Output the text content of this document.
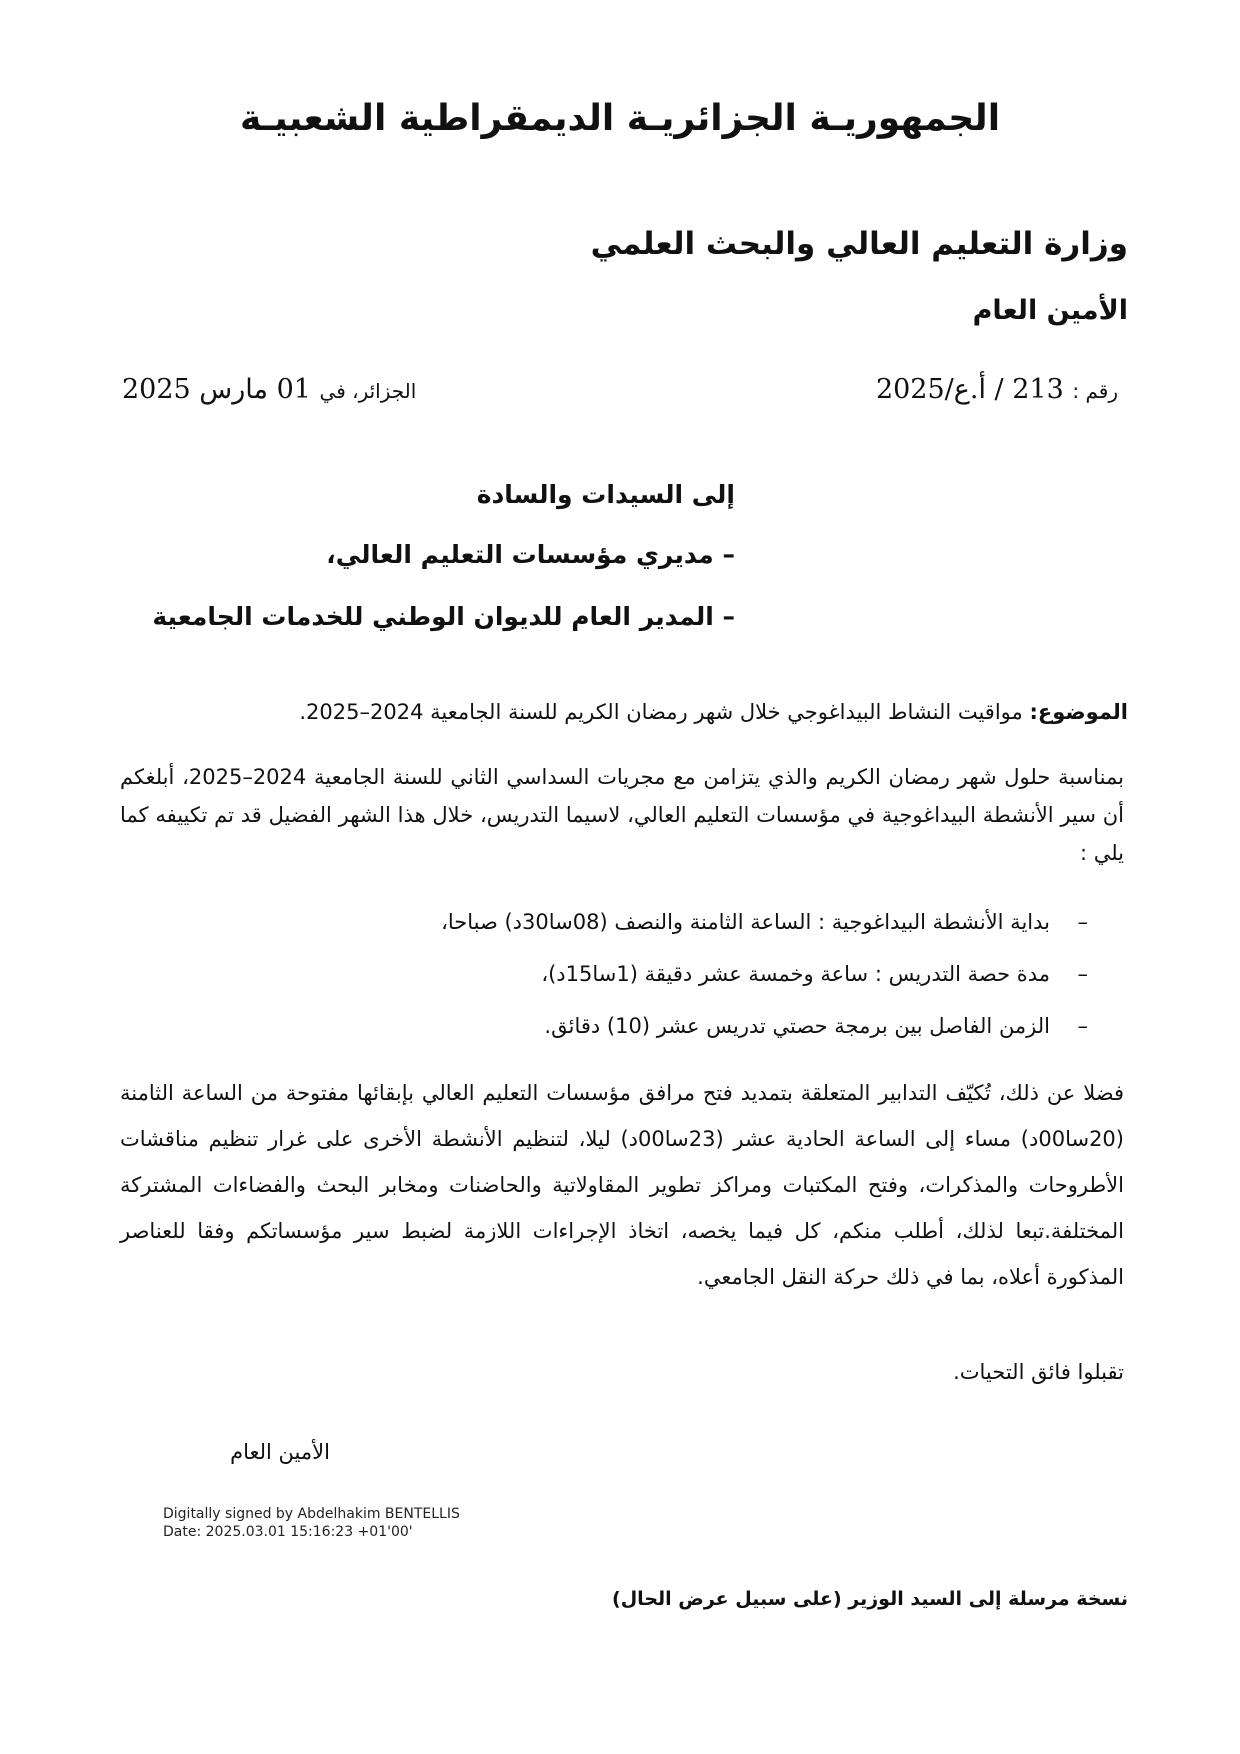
الجمهوريـة الجزائريـة الديمقراطية الشعبيـة
وزارة التعليم العالي والبحث العلمي
الأمين العام
رقم : 213 / أ.ع/2025
الجزائر، في 01 مارس 2025
إلى السيدات والسادة
– مديري مؤسسات التعليم العالي،
– المدير العام للديوان الوطني للخدمات الجامعية
الموضوع: مواقيت النشاط البيداغوجي خلال شهر رمضان الكريم للسنة الجامعية 2024–2025.
بمناسبة حلول شهر رمضان الكريم والذي يتزامن مع مجريات السداسي الثاني للسنة الجامعية 2024–2025، أبلغكم أن سير الأنشطة البيداغوجية في مؤسسات التعليم العالي، لاسيما التدريس، خلال هذا الشهر الفضيل قد تم تكييفه كما يلي :
–
بداية الأنشطة البيداغوجية : الساعة الثامنة والنصف (08سا30د) صباحا،
–
مدة حصة التدريس : ساعة وخمسة عشر دقيقة (1سا15د)،
–
الزمن الفاصل بين برمجة حصتي تدريس عشر (10) دقائق.
فضلا عن ذلك، تُكيّف التدابير المتعلقة بتمديد فتح مرافق مؤسسات التعليم العالي بإبقائها مفتوحة من الساعة الثامنة (20سا00د) مساء إلى الساعة الحادية عشر (23سا00د) ليلا، لتنظيم الأنشطة الأخرى على غرار تنظيم مناقشات الأطروحات والمذكرات، وفتح المكتبات ومراكز تطوير المقاولاتية والحاضنات ومخابر البحث والفضاءات المشتركة المختلفة.تبعا لذلك، أطلب منكم، كل فيما يخصه، اتخاذ الإجراءات اللازمة لضبط سير مؤسساتكم وفقا للعناصر المذكورة أعلاه، بما في ذلك حركة النقل الجامعي.
تقبلوا فائق التحيات.
الأمين العام
Digitally signed by Abdelhakim BENTELLIS
Date: 2025.03.01 15:16:23 +01'00'
نسخة مرسلة إلى السيد الوزير (على سبيل عرض الحال)
